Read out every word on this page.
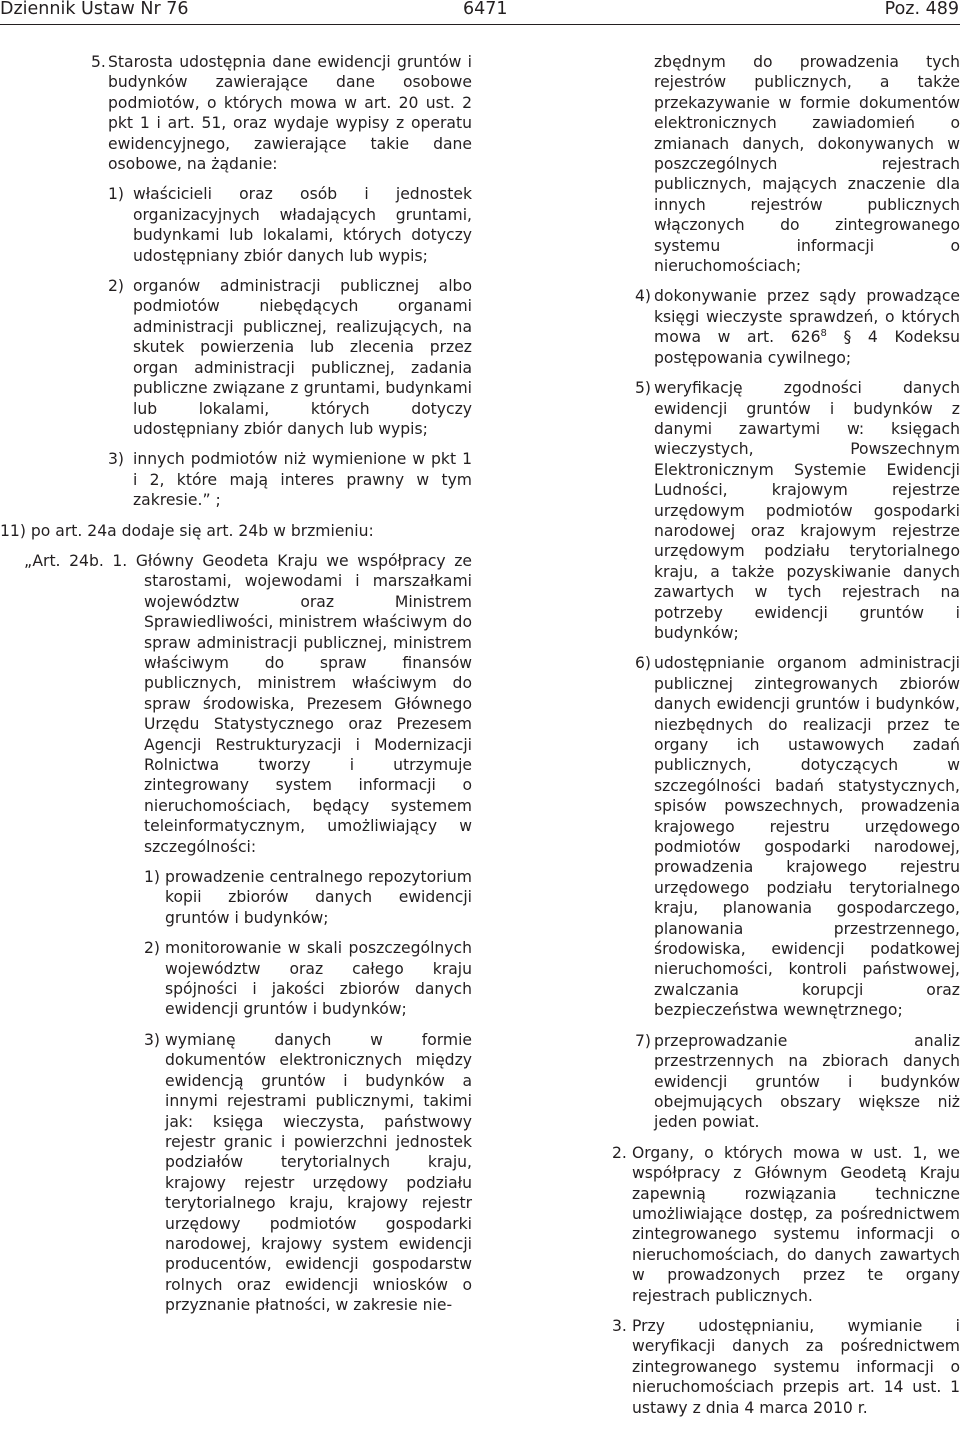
Dziennik Ustaw Nr 76	6471	Poz. 489
5. Starosta udostępnia dane ewidencji gruntów i budynków zawierające dane osobowe podmiotów, o których mowa w art. 20 ust. 2 pkt 1 i art. 51, oraz wydaje wypisy z operatu ewidencyjnego, zawierające takie dane osobowe, na żądanie:

1) właścicieli oraz osób i jednostek organizacyjnych władających gruntami, budynkami lub lokalami, których dotyczy udostępniany zbiór danych lub wypis;

2) organów administracji publicznej albo podmiotów niebędących organami administracji publicznej, realizujących, na skutek powierzenia lub zlecenia przez organ administracji publicznej, zadania publiczne związane z gruntami, budynkami lub lokalami, których dotyczy udostępniany zbiór danych lub wypis;

3) innych podmiotów niż wymienione w pkt 1 i 2, które mają interes prawny w tym zakresie.” ;

11) po art. 24a dodaje się art. 24b w brzmieniu:

„Art. 24b. 1. Główny Geodeta Kraju we współpracy ze starostami, wojewodami i marszałkami województw oraz Ministrem Sprawiedliwości, ministrem właściwym do spraw administracji publicznej, ministrem właściwym do spraw finansów publicznych, ministrem właściwym do spraw środowiska, Prezesem Głównego Urzędu Statystycznego oraz Prezesem Agencji Restrukturyzacji i Modernizacji Rolnictwa tworzy i utrzymuje zintegrowany system informacji o nieruchomościach, będący systemem teleinformatycznym, umożliwiający w szczególności:

1) prowadzenie centralnego repozytorium kopii zbiorów danych ewidencji gruntów i budynków;

2) monitorowanie w skali poszczególnych województw oraz całego kraju spójności i jakości zbiorów danych ewidencji gruntów i budynków;

3) wymianę danych w formie dokumentów elektronicznych między ewidencją gruntów i budynków a innymi rejestrami publicznymi, takimi jak: księga wieczysta, państwowy rejestr granic i powierzchni jednostek podziałów terytorialnych kraju, krajowy rejestr urzędowy podziału terytorialnego kraju, krajowy rejestr urzędowy podmiotów gospodarki narodowej, krajowy system ewidencji producentów, ewidencji gospodarstw rolnych oraz ewidencji wniosków o przyznanie płatności, w zakresie nie-

zbędnym do prowadzenia tych rejestrów publicznych, a także przekazywanie w formie dokumentów elektronicznych zawiadomień o zmianach danych, dokonywanych w poszczególnych rejestrach publicznych, mających znaczenie dla innych rejestrów publicznych włączonych do zintegrowanego systemu informacji o nieruchomościach;

4) dokonywanie przez sądy prowadzące księgi wieczyste sprawdzeń, o których mowa w art. $626^8$ § 4 Kodeksu postępowania cywilnego;

5) weryfikację zgodności danych ewidencji gruntów i budynków z danymi zawartymi w: księgach wieczystych, Powszechnym Elektronicznym Systemie Ewidencji Ludności, krajowym rejestrze urzędowym podmiotów gospodarki narodowej oraz krajowym rejestrze urzędowym podziału terytorialnego kraju, a także pozyskiwanie danych zawartych w tych rejestrach na potrzeby ewidencji gruntów i budynków;

6) udostępnianie organom administracji publicznej zintegrowanych zbiorów danych ewidencji gruntów i budynków, niezbędnych do realizacji przez te organy ich ustawowych zadań publicznych, dotyczących w szczególności badań statystycznych, spisów powszechnych, prowadzenia krajowego rejestru urzędowego podmiotów gospodarki narodowej, prowadzenia krajowego rejestru urzędowego podziału terytorialnego kraju, planowania gospodarczego, planowania przestrzennego, środowiska, ewidencji podatkowej nieruchomości, kontroli państwowej, zwalczania korupcji oraz bezpieczeństwa wewnętrznego;

7) przeprowadzanie analiz przestrzennych na zbiorach danych ewidencji gruntów i budynków obejmujących obszary większe niż jeden powiat.

2. Organy, o których mowa w ust. 1, we współpracy z Głównym Geodetą Kraju zapewnią rozwiązania techniczne umożliwiające dostęp, za pośrednictwem zintegrowanego systemu informacji o nieruchomościach, do danych zawartych w prowadzonych przez te organy rejestrach publicznych.

3. Przy udostępnianiu, wymianie i weryfikacji danych za pośrednictwem zintegrowanego systemu informacji o nieruchomościach przepis art. 14 ust. 1 ustawy z dnia 4 marca 2010 r.
